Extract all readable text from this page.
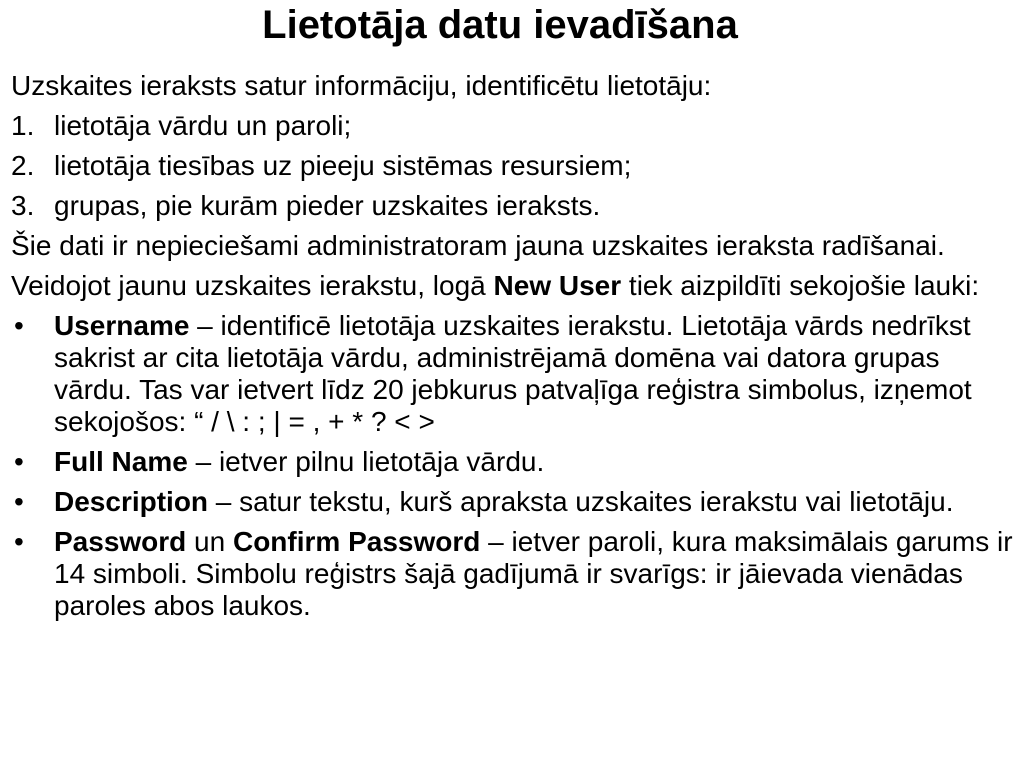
Lietotāja datu ievadīšana
Uzskaites ieraksts satur informāciju, identificētu lietotāju:
1. lietotāja vārdu un paroli;
2. lietotāja tiesības uz pieeju sistēmas resursiem;
3. grupas, pie kurām pieder uzskaites ieraksts.
Šie dati ir nepieciešami administratoram jauna uzskaites ieraksta radīšanai.
Veidojot jaunu uzskaites ierakstu, logā New User tiek aizpildīti sekojošie lauki:
• Username – identificē lietotāja uzskaites ierakstu. Lietotāja vārds nedrīkst sakrist ar cita lietotāja vārdu, administrējamā domēna vai datora grupas vārdu. Tas var ietvert līdz 20 jebkurus patvaļīga reģistra simbolus, izņemot sekojošos: “ / \ : ; | = , + * ? < >
• Full Name – ietver pilnu lietotāja vārdu.
• Description – satur tekstu, kurš apraksta uzskaites ierakstu vai lietotāju.
• Password un Confirm Password – ietver paroli, kura maksimālais garums ir 14 simboli. Simbolu reģistrs šajā gadījumā ir svarīgs: ir jāievada vienādas paroles abos laukos.
